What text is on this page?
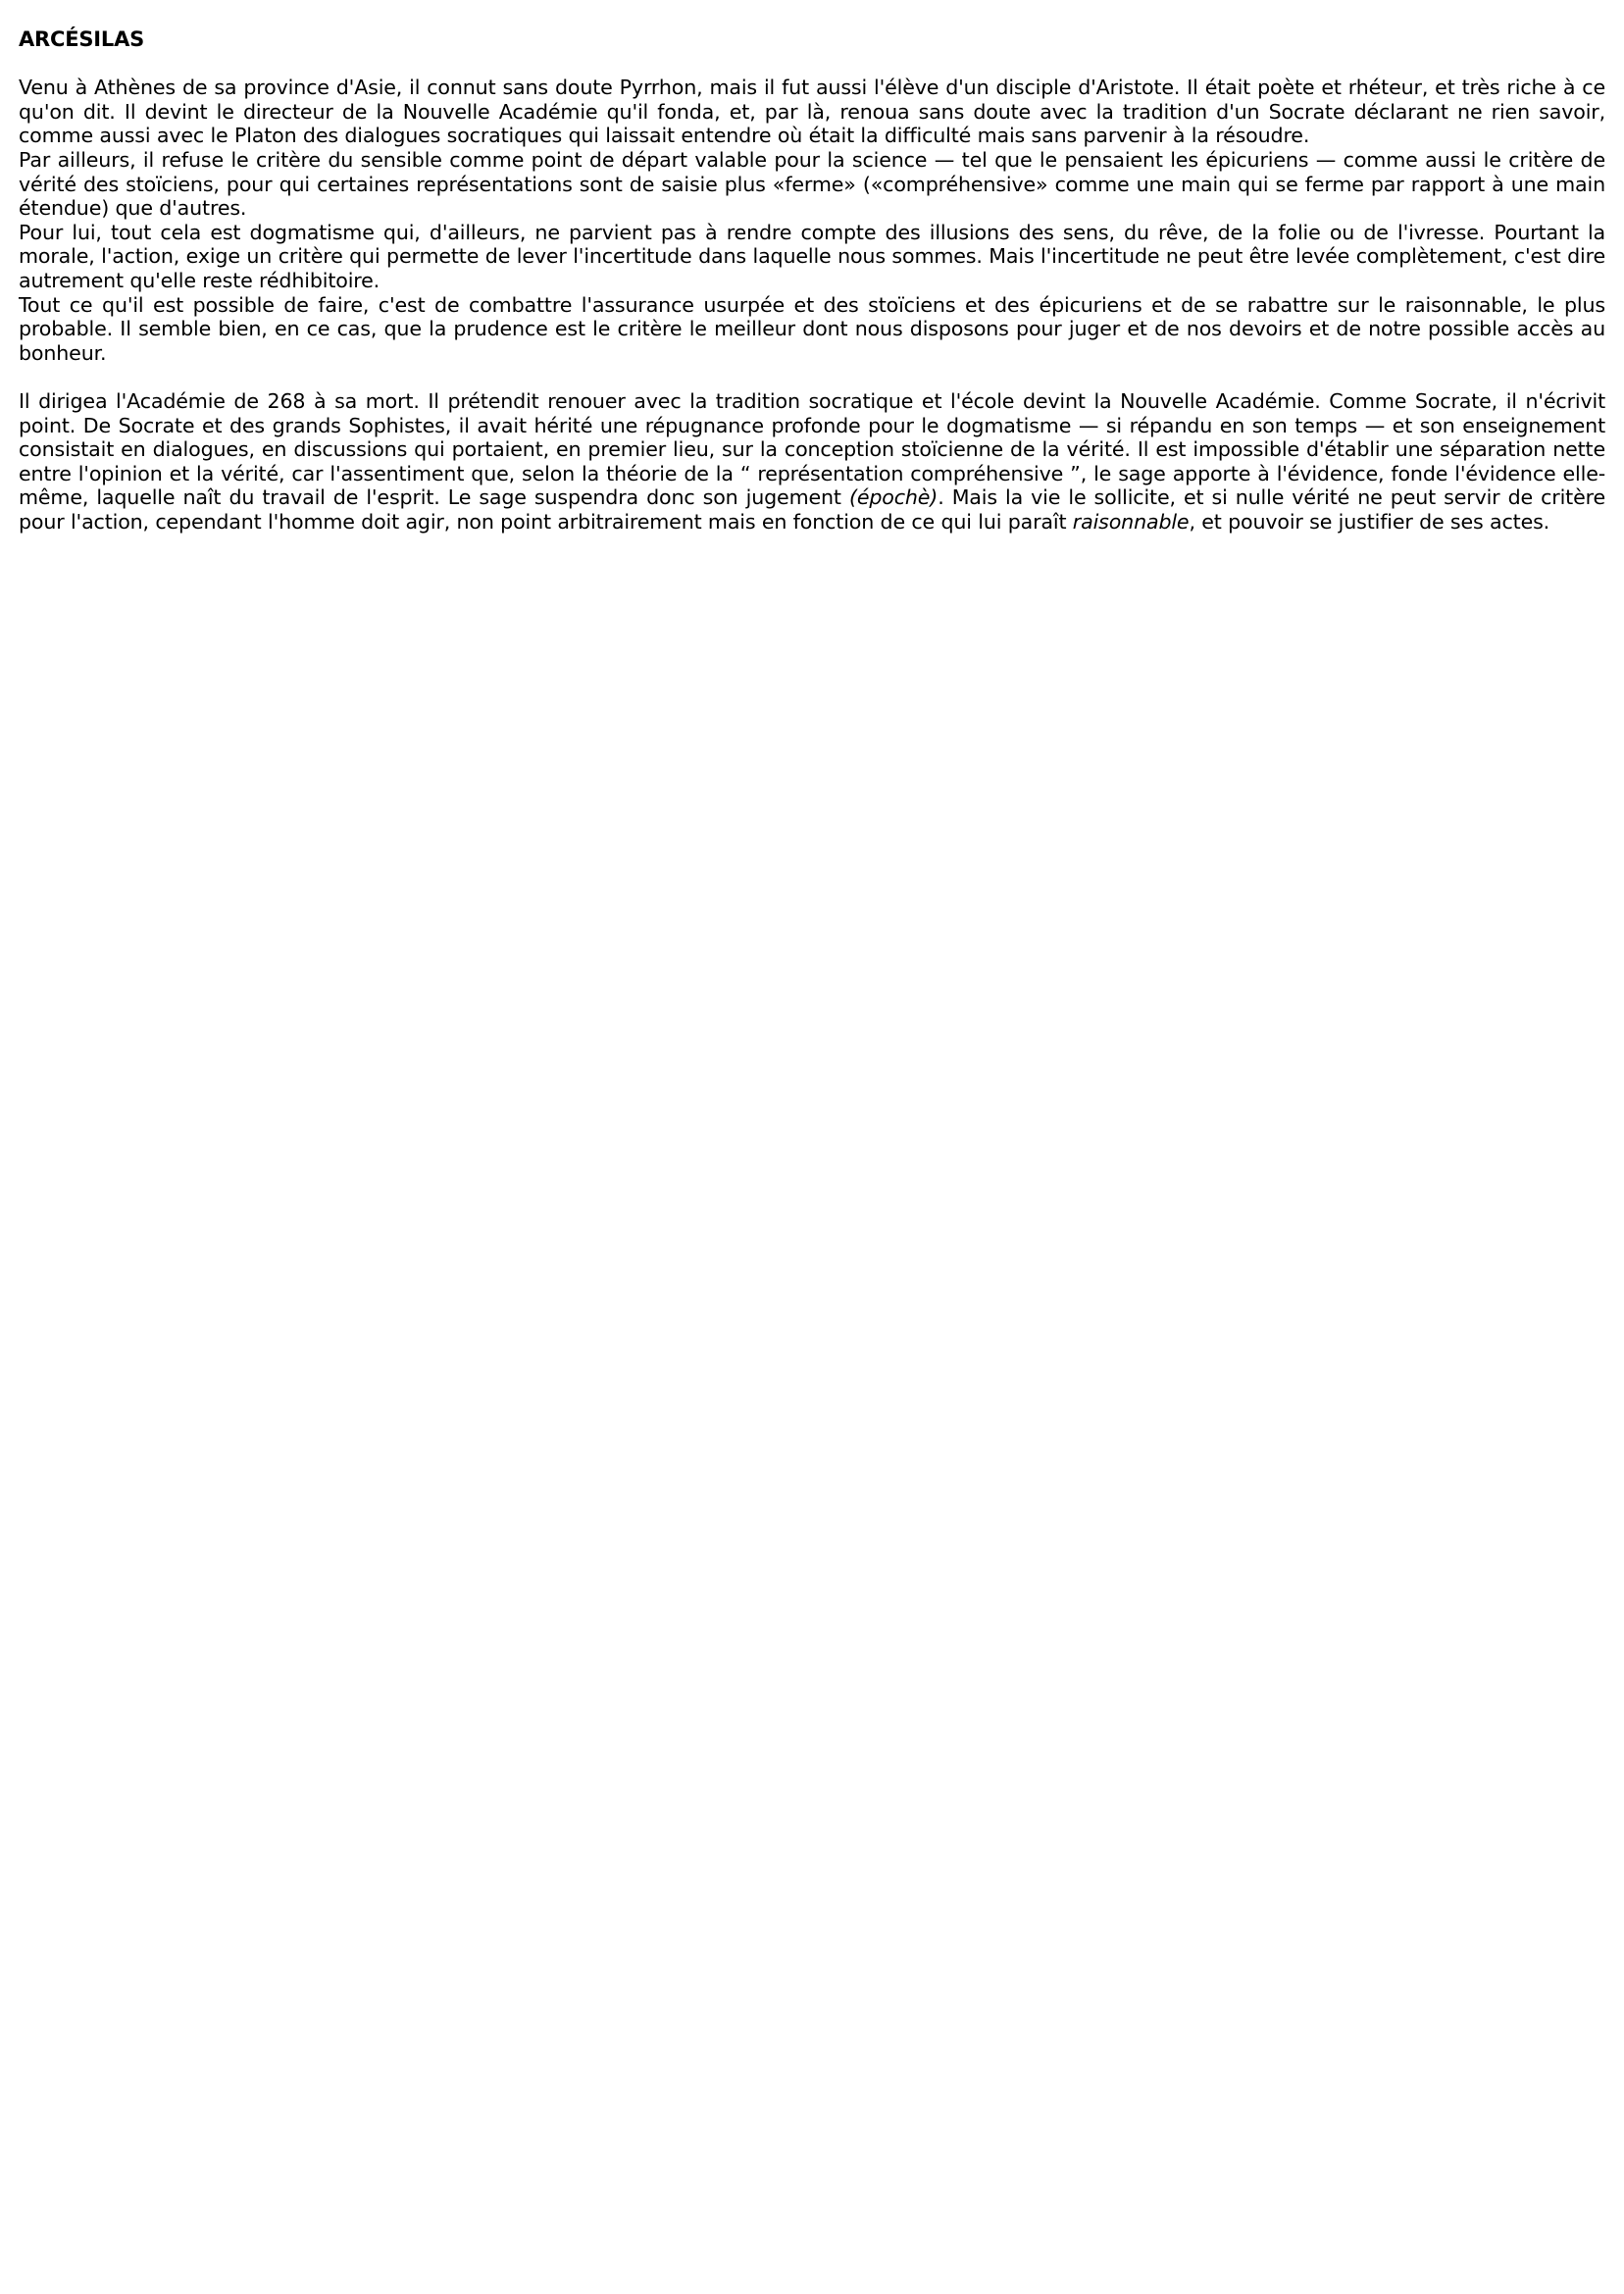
ARCÉSILAS

Venu à Athènes de sa province d'Asie, il connut sans doute Pyrrhon, mais il fut aussi l'élève d'un disciple d'Aristote. Il était poète et rhéteur, et très riche à ce qu'on dit. Il devint le directeur de la Nouvelle Académie qu'il fonda, et, par là, renoua sans doute avec la tradition d'un Socrate déclarant ne rien savoir, comme aussi avec le Platon des dialogues socratiques qui laissait entendre où était la difficulté mais sans parvenir à la résoudre.

Par ailleurs, il refuse le critère du sensible comme point de départ valable pour la science — tel que le pensaient les épicuriens — comme aussi le critère de vérité des stoïciens, pour qui certaines représentations sont de saisie plus «ferme» («compréhensive» comme une main qui se ferme par rapport à une main étendue) que d'autres.

Pour lui, tout cela est dogmatisme qui, d'ailleurs, ne parvient pas à rendre compte des illusions des sens, du rêve, de la folie ou de l'ivresse. Pourtant la morale, l'action, exige un critère qui permette de lever l'incertitude dans laquelle nous sommes. Mais l'incertitude ne peut être levée complètement, c'est dire autrement qu'elle reste rédhibitoire.

Tout ce qu'il est possible de faire, c'est de combattre l'assurance usurpée et des stoïciens et des épicuriens et de se rabattre sur le raisonnable, le plus probable. Il semble bien, en ce cas, que la prudence est le critère le meilleur dont nous disposons pour juger et de nos devoirs et de notre possible accès au bonheur.

Il dirigea l'Académie de 268 à sa mort. Il prétendit renouer avec la tradition socratique et l'école devint la Nouvelle Académie. Comme Socrate, il n'écrivit point. De Socrate et des grands Sophistes, il avait hérité une répugnance profonde pour le dogmatisme — si répandu en son temps — et son enseignement consistait en dialogues, en discussions qui portaient, en premier lieu, sur la conception stoïcienne de la vérité. Il est impossible d'établir une séparation nette entre l'opinion et la vérité, car l'assentiment que, selon la théorie de la “ représentation compréhensive ”, le sage apporte à l'évidence, fonde l'évidence elle-même, laquelle naît du travail de l'esprit. Le sage suspendra donc son jugement (épochè). Mais la vie le sollicite, et si nulle vérité ne peut servir de critère pour l'action, cependant l'homme doit agir, non point arbitrairement mais en fonction de ce qui lui paraît raisonnable, et pouvoir se justifier de ses actes.
